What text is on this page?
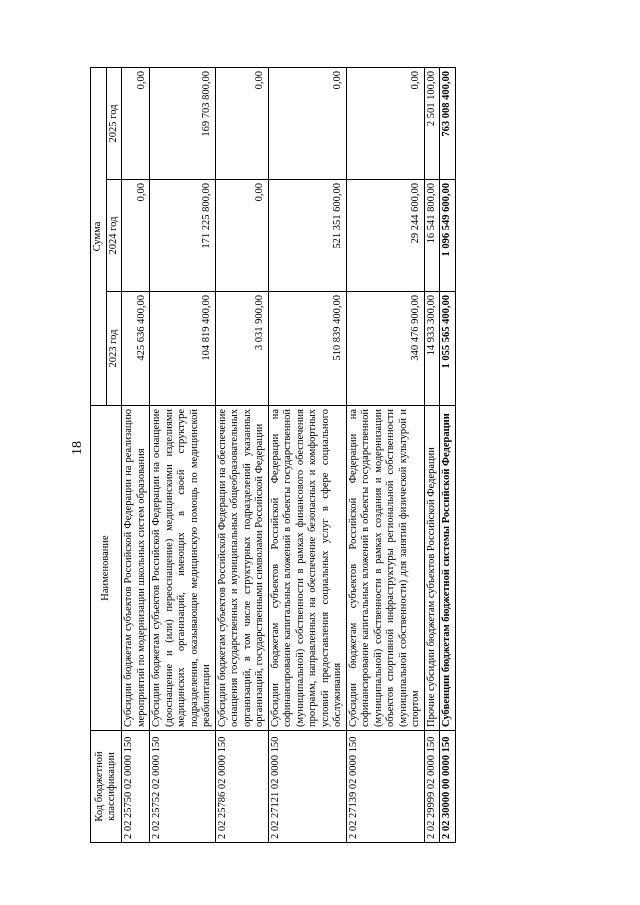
18
Код бюджетной классификации	Наименование	Сумма		
		2023 год	2024 год	2025 год
2 02 25750 02 0000 150	Субсидии бюджетам субъектов Российской Федерации на реализацию мероприятий по модернизации школьных систем образования	425 636 400,00	0,00	0,00
2 02 25752 02 0000 150	Субсидии бюджетам субъектов Российской Федерации на оснащение (дооснащение и (или) переоснащение) медицинскими изделиями медицинских организаций, имеющих в своей структуре подразделения, оказывающие медицинскую помощь по медицинской реабилитации	104 819 400,00	171 225 800,00	169 703 800,00
2 02 25786 02 0000 150	Субсидии бюджетам субъектов Российской Федерации на обеспечение оснащения государственных и муниципальных общеобразовательных организаций, в том числе структурных подразделений указанных организаций, государственными символами Российской Федерации	3 031 900,00	0,00	0,00
2 02 27121 02 0000 150	Субсидии бюджетам субъектов Российской Федерации на софинансирование капитальных вложений в объекты государственной (муниципальной) собственности в рамках финансового обеспечения программ, направленных на обеспечение безопасных и комфортных условий предоставления социальных услуг в сфере социального обслуживания	510 839 400,00	521 351 600,00	0,00
2 02 27139 02 0000 150	Субсидии бюджетам субъектов Российской Федерации на софинансирование капитальных вложений в объекты государственной (муниципальной) собственности в рамках создания и модернизации объектов спортивной инфраструктуры региональной собственности (муниципальной собственности) для занятий физической культурой и спортом	340 476 900,00	29 244 600,00	0,00
2 02 29999 02 0000 150	Прочие субсидии бюджетам субъектов Российской Федерации	14 933 300,00	16 541 800,00	2 501 100,00
2 02 30000 00 0000 150	Субвенции бюджетам бюджетной системы Российской Федерации	1 055 565 400,00	1 096 549 600,00	763 008 400,00
